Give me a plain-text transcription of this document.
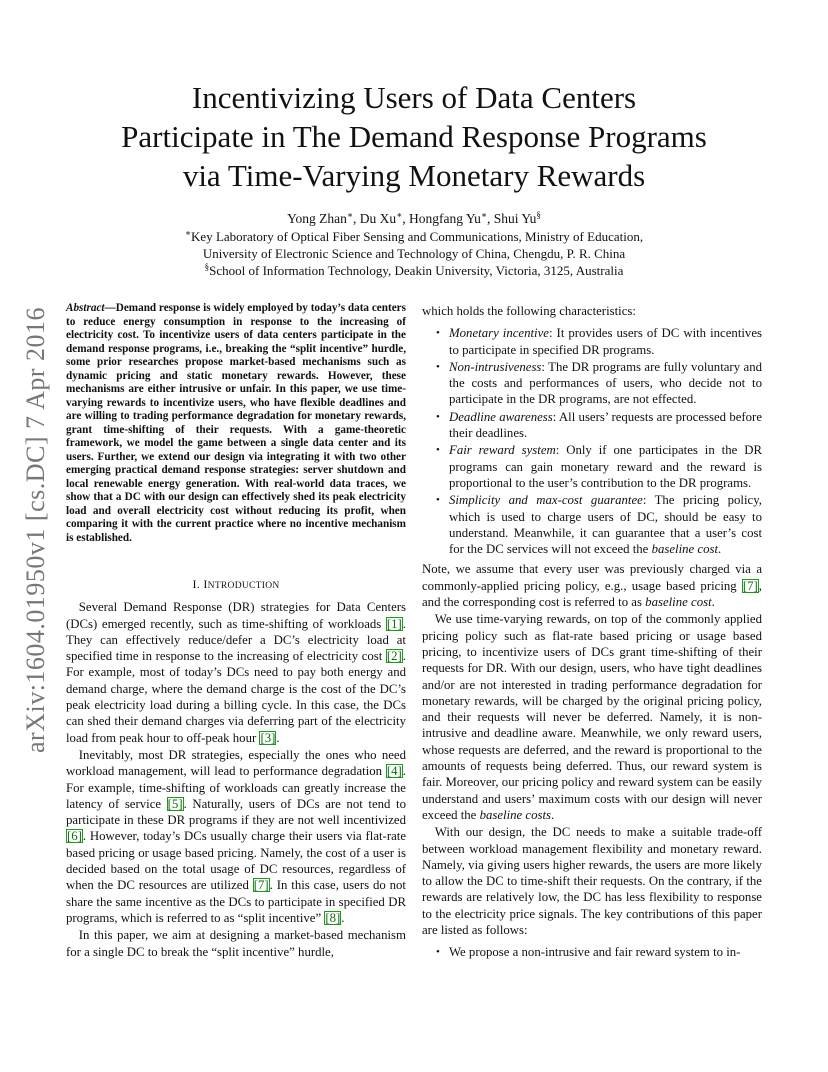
arXiv:1604.01950v1 [cs.DC] 7 Apr 2016
Incentivizing Users of Data Centers
Participate in The Demand Response Programs
via Time-Varying Monetary Rewards
Yong Zhan∗, Du Xu∗, Hongfang Yu∗, Shui Yu§
∗Key Laboratory of Optical Fiber Sensing and Communications, Ministry of Education,
University of Electronic Science and Technology of China, Chengdu, P. R. China
§School of Information Technology, Deakin University, Victoria, 3125, Australia
Abstract—Demand response is widely employed by today’s data centers to reduce energy consumption in response to the increasing of electricity cost. To incentivize users of data centers participate in the demand response programs, i.e., breaking the “split incentive” hurdle, some prior researches propose market-based mechanisms such as dynamic pricing and static monetary rewards. However, these mechanisms are either intrusive or unfair. In this paper, we use time-varying rewards to incentivize users, who have flexible deadlines and are willing to trading performance degradation for monetary rewards, grant time-shifting of their requests. With a game-theoretic framework, we model the game between a single data center and its users. Further, we extend our design via integrating it with two other emerging practical demand response strategies: server shutdown and local renewable energy generation. With real-world data traces, we show that a DC with our design can effectively shed its peak electricity load and overall electricity cost without reducing its profit, when comparing it with the current practice where no incentive mechanism is established.
I. INTRODUCTION

Several Demand Response (DR) strategies for Data Centers (DCs) emerged recently, such as time-shifting of workloads [1]. They can effectively reduce/defer a DC’s electricity load at specified time in response to the increasing of electricity cost [2]. For example, most of today’s DCs need to pay both energy and demand charge, where the demand charge is the cost of the DC’s peak electricity load during a billing cycle. In this case, the DCs can shed their demand charges via deferring part of the electricity load from peak hour to off-peak hour [3].

Inevitably, most DR strategies, especially the ones who need workload management, will lead to performance degradation [4]. For example, time-shifting of workloads can greatly increase the latency of service [5]. Naturally, users of DCs are not tend to participate in these DR programs if they are not well incentivized [6]. However, today’s DCs usually charge their users via flat-rate based pricing or usage based pricing. Namely, the cost of a user is decided based on the total usage of DC resources, regardless of when the DC resources are utilized [7]. In this case, users do not share the same incentive as the DCs to participate in specified DR programs, which is referred to as “split incentive” [8].

In this paper, we aim at designing a market-based mechanism for a single DC to break the “split incentive” hurdle,

which holds the following characteristics:

• Monetary incentive: It provides users of DC with incentives to participate in specified DR programs.
• Non-intrusiveness: The DR programs are fully voluntary and the costs and performances of users, who decide not to participate in the DR programs, are not effected.
• Deadline awareness: All users’ requests are processed before their deadlines.
• Fair reward system: Only if one participates in the DR programs can gain monetary reward and the reward is proportional to the user’s contribution to the DR programs.
• Simplicity and max-cost guarantee: The pricing policy, which is used to charge users of DC, should be easy to understand. Meanwhile, it can guarantee that a user’s cost for the DC services will not exceed the baseline cost.

Note, we assume that every user was previously charged via a commonly-applied pricing policy, e.g., usage based pricing [7], and the corresponding cost is referred to as baseline cost.

We use time-varying rewards, on top of the commonly applied pricing policy such as flat-rate based pricing or usage based pricing, to incentivize users of DCs grant time-shifting of their requests for DR. With our design, users, who have tight deadlines and/or are not interested in trading performance degradation for monetary rewards, will be charged by the original pricing policy, and their requests will never be deferred. Namely, it is non-intrusive and deadline aware. Meanwhile, we only reward users, whose requests are deferred, and the reward is proportional to the amounts of requests being deferred. Thus, our reward system is fair. Moreover, our pricing policy and reward system can be easily understand and users’ maximum costs with our design will never exceed the baseline costs.

With our design, the DC needs to make a suitable trade-off between workload management flexibility and monetary reward. Namely, via giving users higher rewards, the users are more likely to allow the DC to time-shift their requests. On the contrary, if the rewards are relatively low, the DC has less flexibility to response to the electricity price signals. The key contributions of this paper are listed as follows:

• We propose a non-intrusive and fair reward system to in-
